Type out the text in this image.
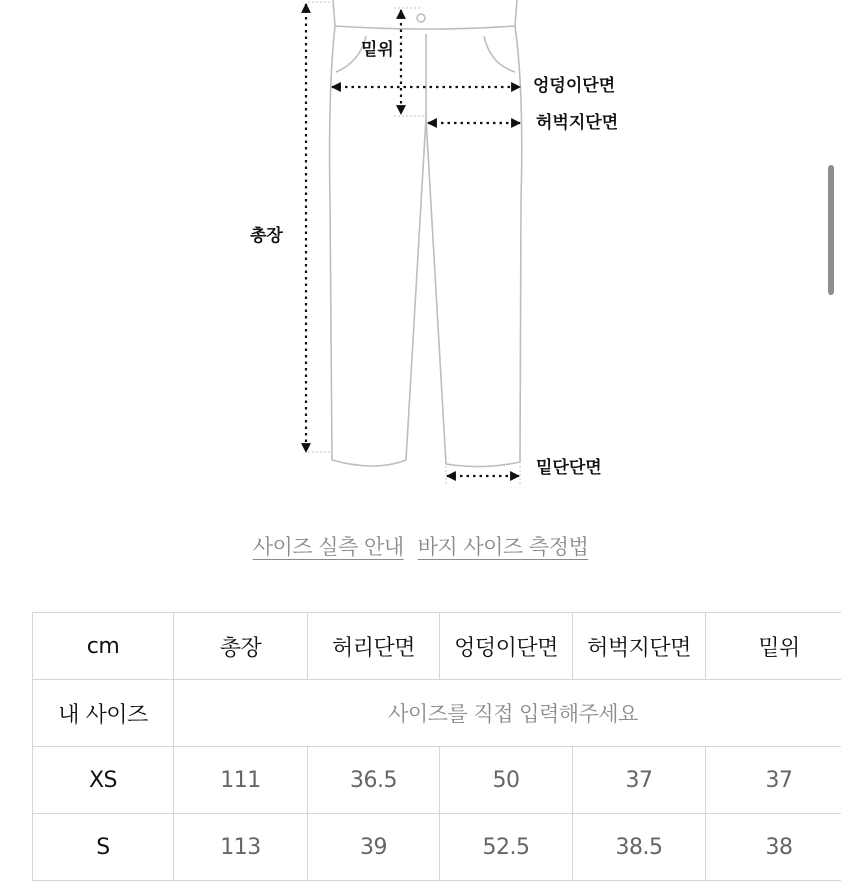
밑위
엉덩이단면
허벅지단면
총장
밑단단면
사이즈 실측 안내 바지 사이즈 측정법
cm	총장	허리단면	엉덩이단면	허벅지단면	밑위
내 사이즈	사이즈를 직접 입력해주세요				
XS	111	36.5	50	37	37
S	113	39	52.5	38.5	38
